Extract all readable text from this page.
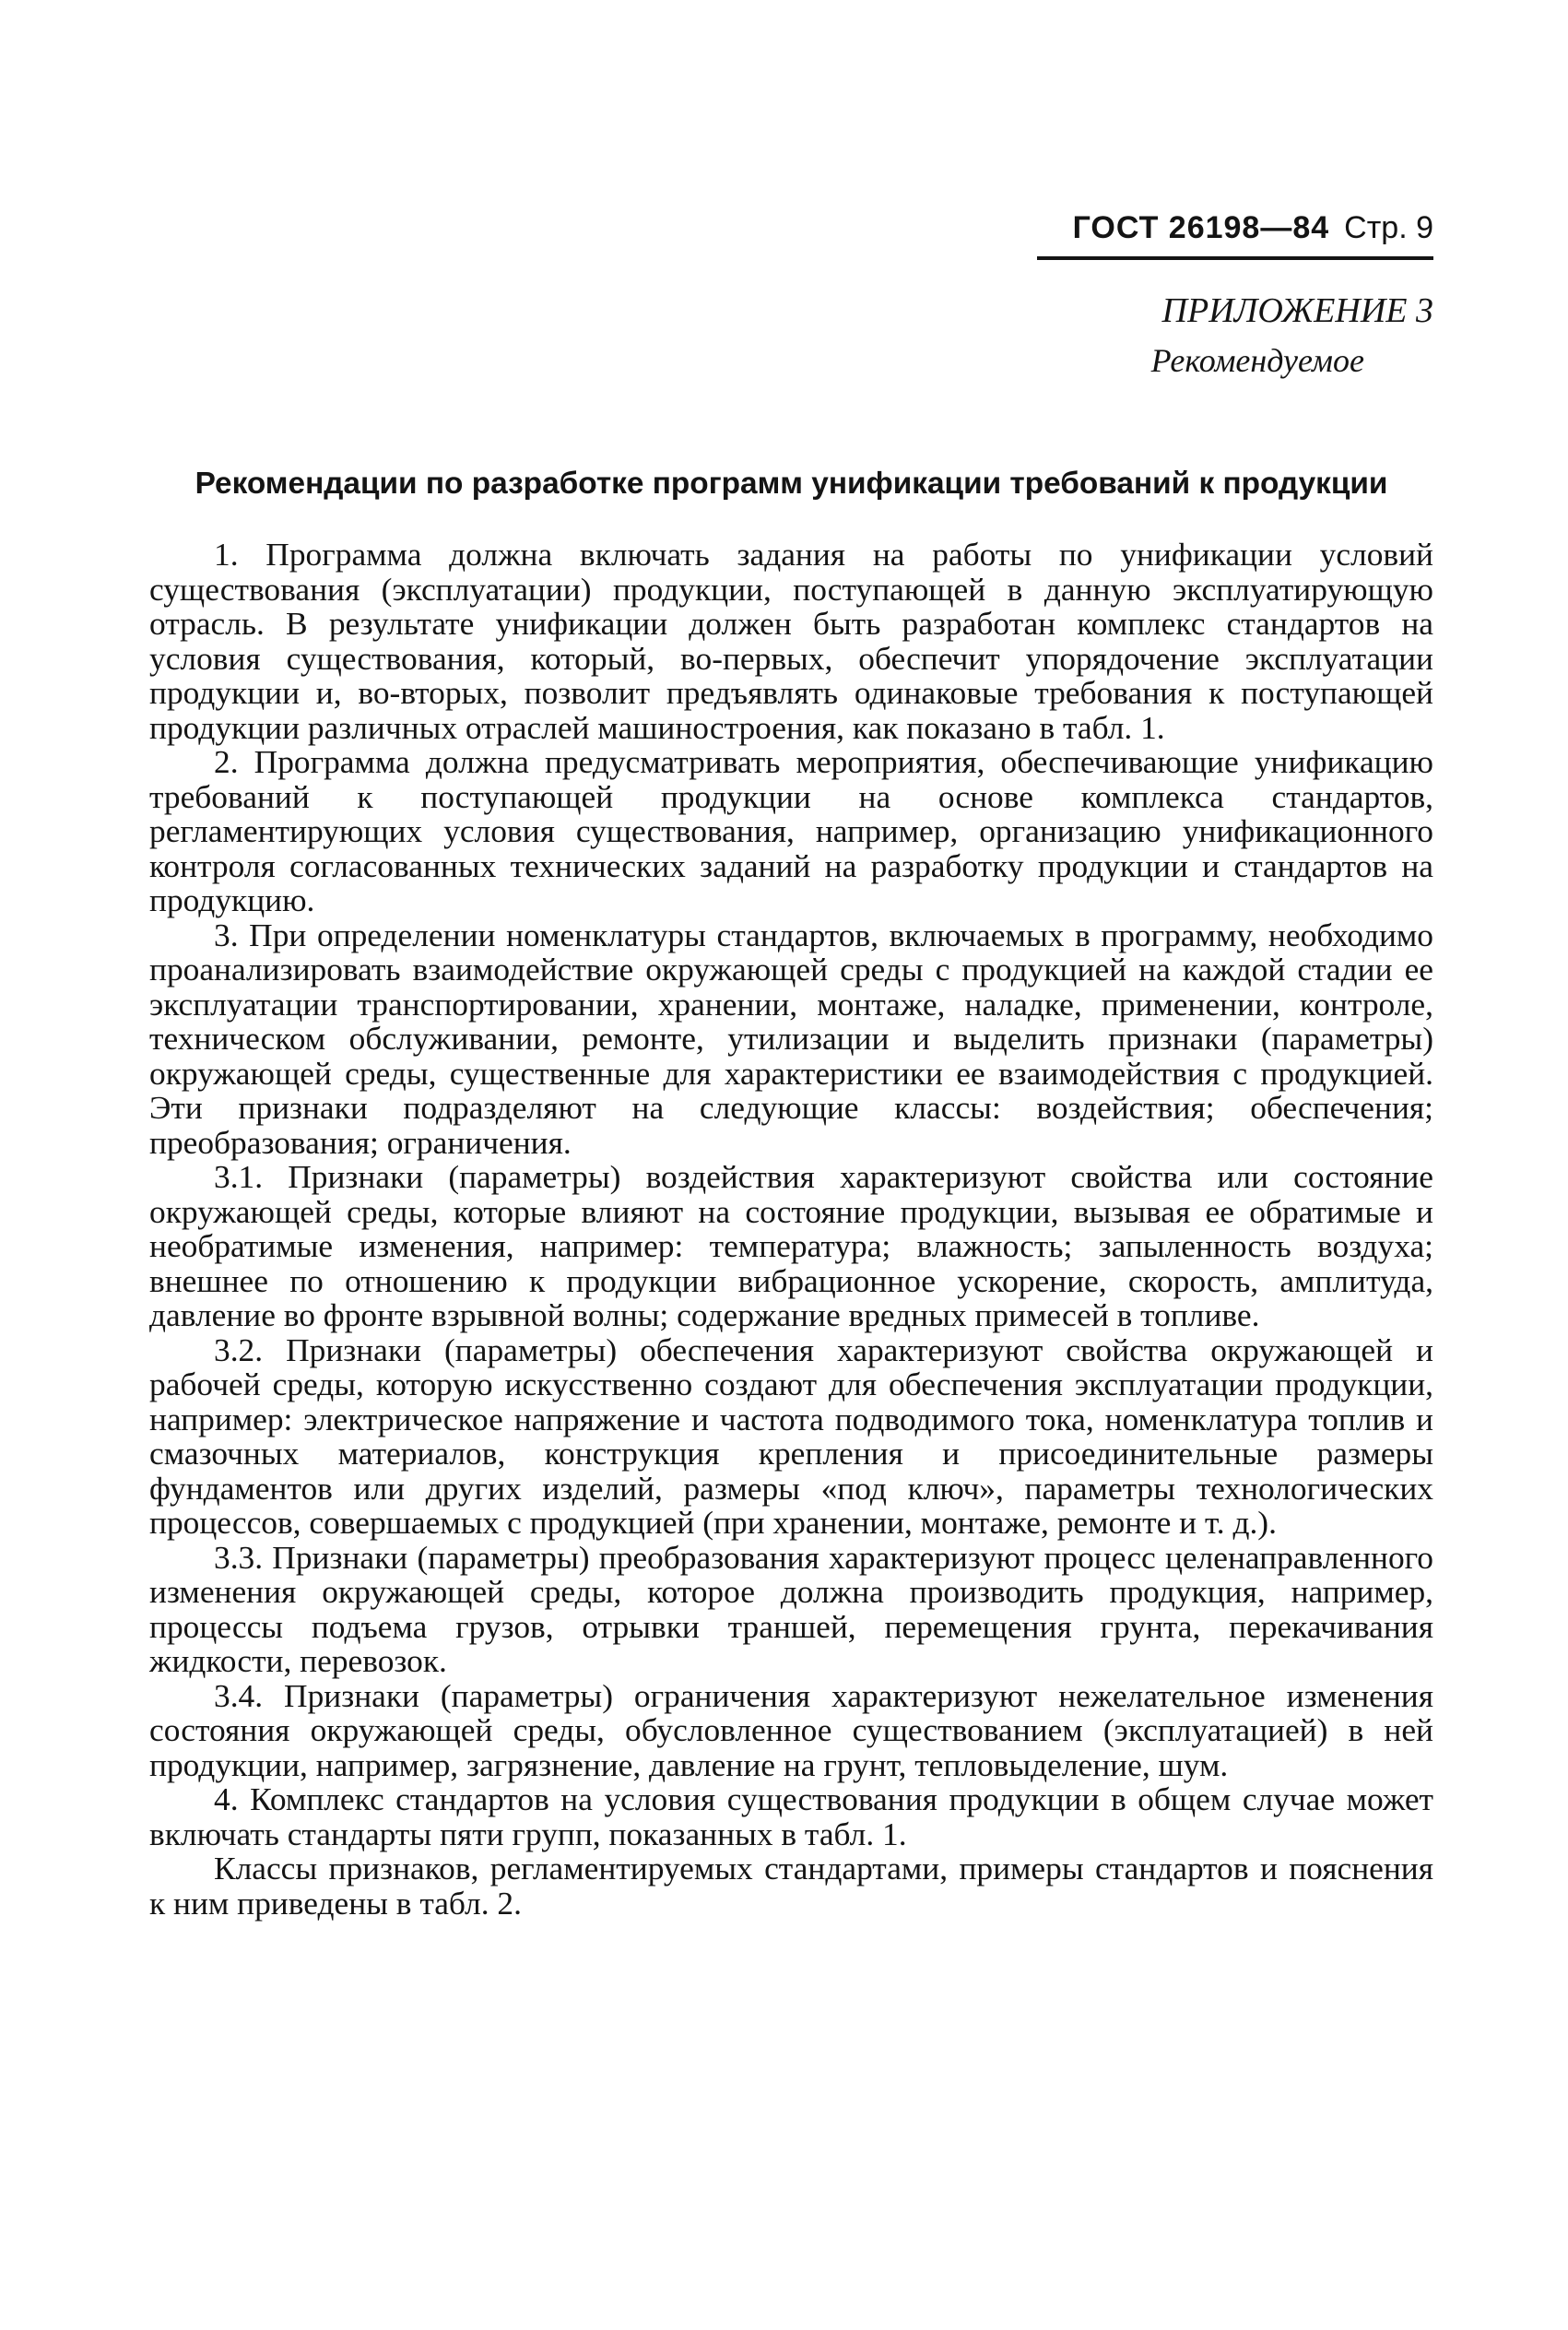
ГОСТ 26198—84 Стр. 9
ПРИЛОЖЕНИЕ 3
Рекомендуемое
Рекомендации по разработке программ унификации требований к продукции

1. Программа должна включать задания на работы по унификации условий существования (эксплуатации) продукции, поступающей в данную эксплуатирующую отрасль. В результате унификации должен быть разработан комплекс стандартов на условия существования, который, во-первых, обеспечит упорядочение эксплуатации продукции и, во-вторых, позволит предъявлять одинаковые требования к поступающей продукции различных отраслей машиностроения, как показано в табл. 1.

2. Программа должна предусматривать мероприятия, обеспечивающие унификацию требований к поступающей продукции на основе комплекса стандартов, регламентирующих условия существования, например, организацию унификационного контроля согласованных технических заданий на разработку продукции и стандартов на продукцию.

3. При определении номенклатуры стандартов, включаемых в программу, необходимо проанализировать взаимодействие окружающей среды с продукцией на каждой стадии ее эксплуатации транспортировании, хранении, монтаже, наладке, применении, контроле, техническом обслуживании, ремонте, утилизации и выделить признаки (параметры) окружающей среды, существенные для характеристики ее взаимодействия с продукцией. Эти признаки подразделяют на следующие классы: воздействия; обеспечения; преобразования; ограничения.

3.1. Признаки (параметры) воздействия характеризуют свойства или состояние окружающей среды, которые влияют на состояние продукции, вызывая ее обратимые и необратимые изменения, например: температура; влажность; запыленность воздуха; внешнее по отношению к продукции вибрационное ускорение, скорость, амплитуда, давление во фронте взрывной волны; содержание вредных примесей в топливе.

3.2. Признаки (параметры) обеспечения характеризуют свойства окружающей и рабочей среды, которую искусственно создают для обеспечения эксплуатации продукции, например: электрическое напряжение и частота подводимого тока, номенклатура топлив и смазочных материалов, конструкция крепления и присоединительные размеры фундаментов или других изделий, размеры «под ключ», параметры технологических процессов, совершаемых с продукцией (при хранении, монтаже, ремонте и т. д.).

3.3. Признаки (параметры) преобразования характеризуют процесс целенаправленного изменения окружающей среды, которое должна производить продукция, например, процессы подъема грузов, отрывки траншей, перемещения грунта, перекачивания жидкости, перевозок.

3.4. Признаки (параметры) ограничения характеризуют нежелательное изменения состояния окружающей среды, обусловленное существованием (эксплуатацией) в ней продукции, например, загрязнение, давление на грунт, тепловыделение, шум.

4. Комплекс стандартов на условия существования продукции в общем случае может включать стандарты пяти групп, показанных в табл. 1.

Классы признаков, регламентируемых стандартами, примеры стандартов и пояснения к ним приведены в табл. 2.
